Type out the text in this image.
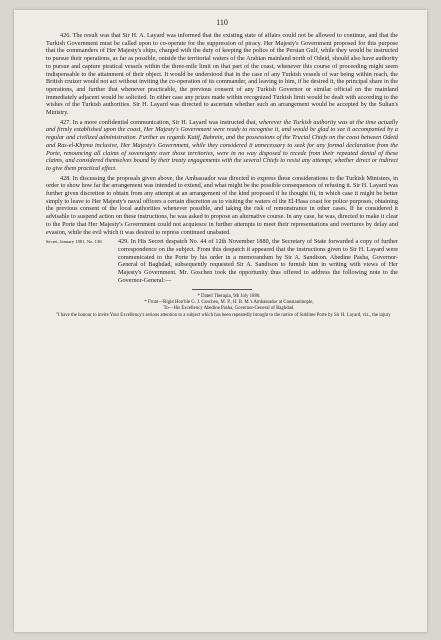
110

426. The result was that Sir H. A. Layard was informed that the existing state of affairs could not be allowed to continue, and that the Turkish Government must be called upon to co-operate for the suppression of piracy. Her Majesty's Government proposed for this purpose that the commanders of Her Majesty's ships, charged with the duty of keeping the police of the Persian Gulf, while they would be instructed to pursue their operations, as far as possible, outside the territorial waters of the Arabian mainland north of Odeid, should also have authority to pursue and capture piratical vessels within the three-mile limit on that part of the coast, whenever this course of proceeding might seem indispensable to the attainment of their object. It would be understood that in the case of any Turkish vessels of war being within reach, the British cruizer would not act without inviting the co-operation of its commander, and leaving to him, if he desired it, the principal share in the operations, and further that whenever practicable, the previous consent of any Turkish Governor or similar official on the mainland immediately adjacent would be solicited. In either case any prizes made within recognized Turkish limit would be dealt with according to the wishes of the Turkish authorities. Sir H. Layard was directed to ascertain whether such an arrangement would be accepted by the Sultan's Ministry.

427. In a more confidential communication, Sir H. Layard was instructed that, wherever the Turkish authority was at the time actually and firmly established upon the coast, Her Majesty's Government were ready to recognise it, and would be glad to see it accompanied by a regular and civilized administration. Further as regards Katif, Bahrein, and the possessions of the Trucial Chiefs on the coast between Odeid and Ras-el-Khyma inclusive, Her Majesty's Government, while they considered it unnecessary to seek for any formal declaration from the Porte, renouncing all claims of sovereignty over those territories, were in no way disposed to recede from their repeated denial of these claims, and considered themselves bound by their treaty engagements with the several Chiefs to resist any attempt, whether direct or indirect to give them practical effect.

428. In discussing the proposals given above, the Ambassador was directed to express these considerations to the Turkish Ministers, in order to show how far the arrangement was intended to extend, and what might be the possible consequences of refusing it. Sir H. Layard was further given discretion to obtain from any attempt at an arrangement of the kind proposed if he thought fit, in which case it might be better simply to leave to Her Majesty's naval officers a certain discretion as to visiting the waters of the El-Hasa coast for police purposes, obtaining the previous consent of the local authorities whenever possible, and taking the risk of remonstrance in other cases. If he considered it advisable to suspend action on these instructions, he was asked to propose an alternative course. In any case, he was, directed to make it clear to the Porte that Her Majesty's Government could not acquiesce in further attempts to meet their representations and overtures by delay and evasion, while the evil which it was desired to repress continued unabated.

Secret, January 1881, No. 138.	429. In His Secret despatch No. 44 of 12th November 1880, the Secretary of State forwarded a copy of further correspondence on the subject. From this despatch it appeared that the instructions given to Sir H. Layard were communicated to the Porte by his order in a memorandum by Sir A. Sandison. Abedine Pasha, Governor-General of Baghdad, subsequently requested Sir A. Sandison to furnish him in writing with views of Her Majesty's Government. Mr. Goschen took the opportunity thus offered to address the following note to the Governor-General:—

* Dated Therapia, 9th July 1880.

* From—Right Hon'ble G. J. Goschen, M. P., H. B. M.'s Ambassador at Constantinople,

To—His Excellency Abedine Pasha, Governor-General of Baghdad.

"I have the honour to invite Your Excellency's serious attention to a subject which has been repeatedly brought to the notice of Sublime Porte by Sir H. Layard, viz., the injury
